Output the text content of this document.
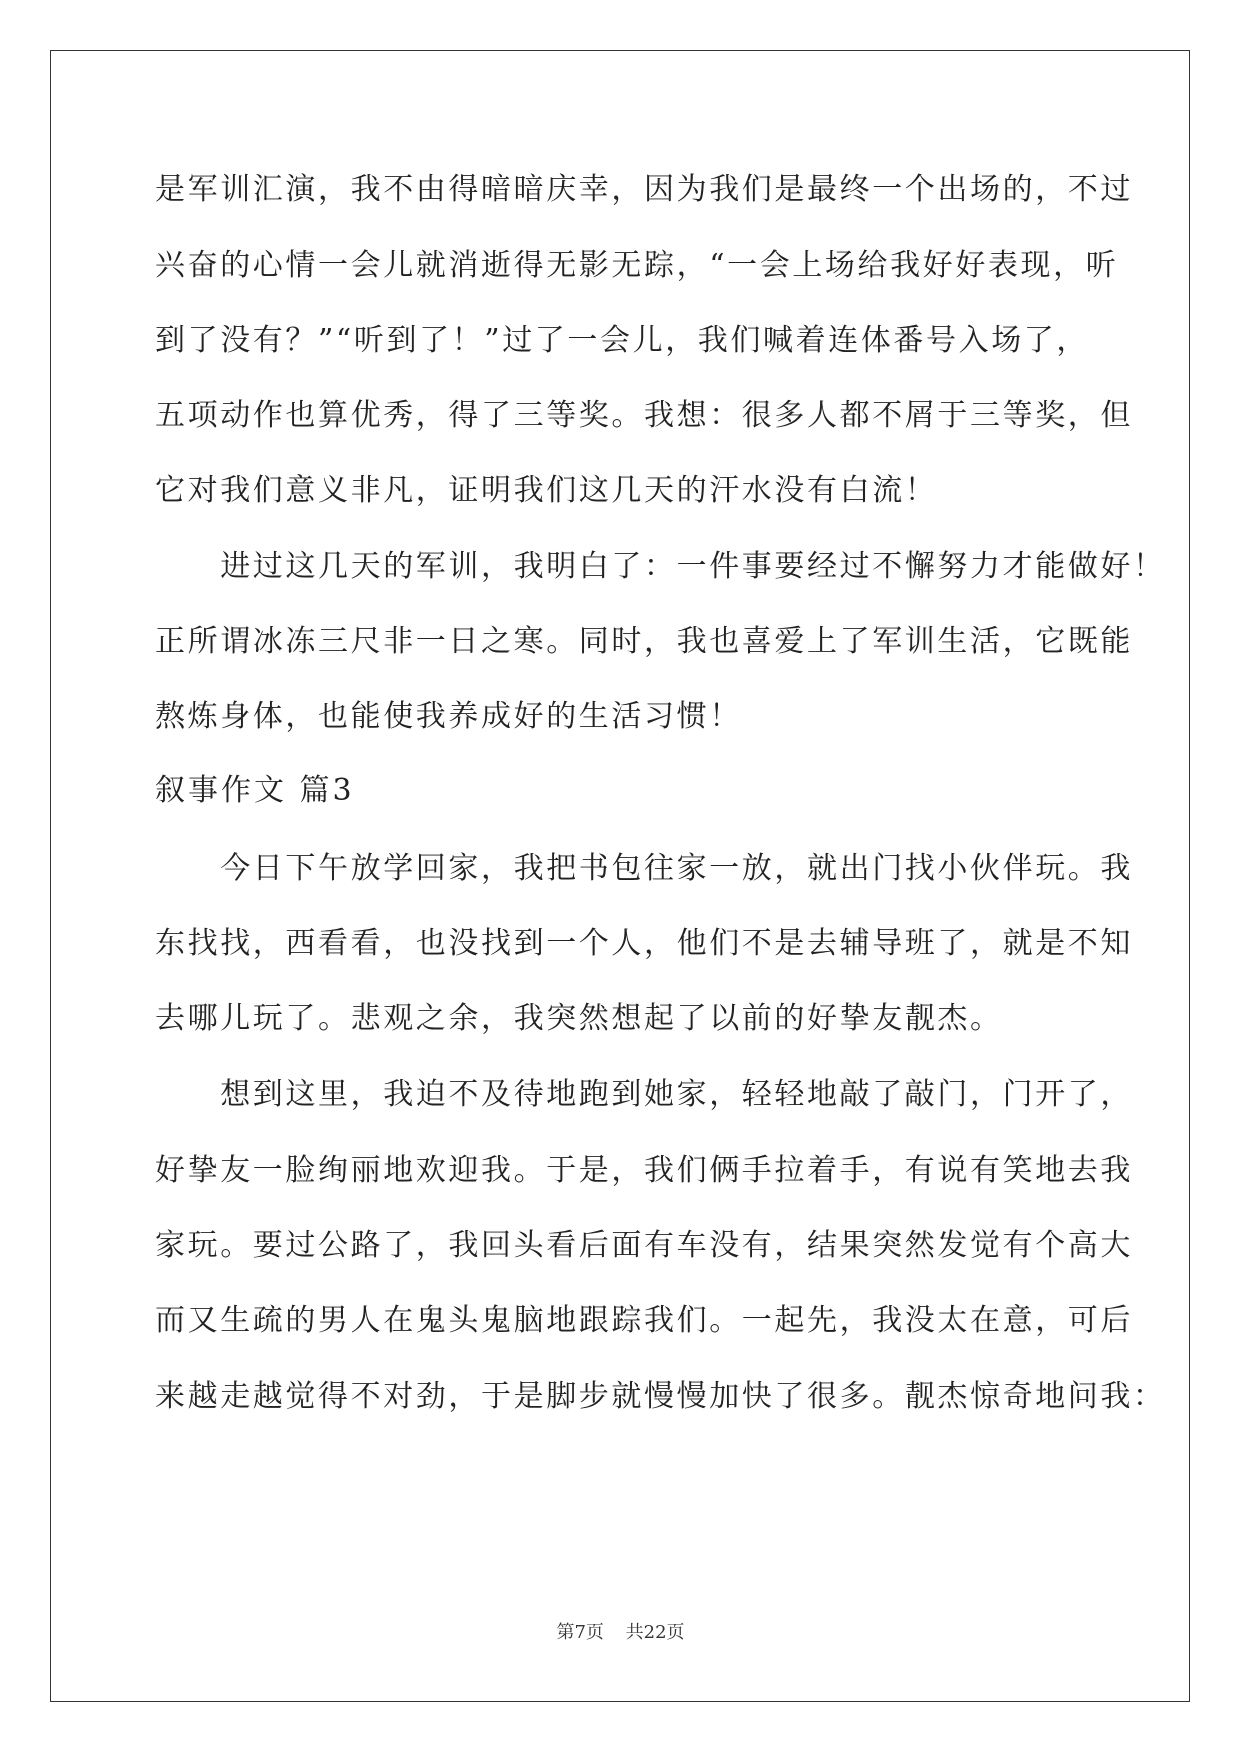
是军训汇演，我不由得暗暗庆幸，因为我们是最终一个出场的，不过
兴奋的心情一会儿就消逝得无影无踪，“一会上场给我好好表现，听
到了没有？”“听到了！”过了一会儿，我们喊着连体番号入场了，
五项动作也算优秀，得了三等奖。我想：很多人都不屑于三等奖，但
它对我们意义非凡，证明我们这几天的汗水没有白流！
　　进过这几天的军训，我明白了：一件事要经过不懈努力才能做好！
正所谓冰冻三尺非一日之寒。同时，我也喜爱上了军训生活，它既能
熬炼身体，也能使我养成好的生活习惯！
叙事作文 篇3
　　今日下午放学回家，我把书包往家一放，就出门找小伙伴玩。我
东找找，西看看，也没找到一个人，他们不是去辅导班了，就是不知
去哪儿玩了。悲观之余，我突然想起了以前的好挚友靓杰。
　　想到这里，我迫不及待地跑到她家，轻轻地敲了敲门，门开了，
好挚友一脸绚丽地欢迎我。于是，我们俩手拉着手，有说有笑地去我
家玩。要过公路了，我回头看后面有车没有，结果突然发觉有个高大
而又生疏的男人在鬼头鬼脑地跟踪我们。一起先，我没太在意，可后
来越走越觉得不对劲，于是脚步就慢慢加快了很多。靓杰惊奇地问我：
第7页 共22页
